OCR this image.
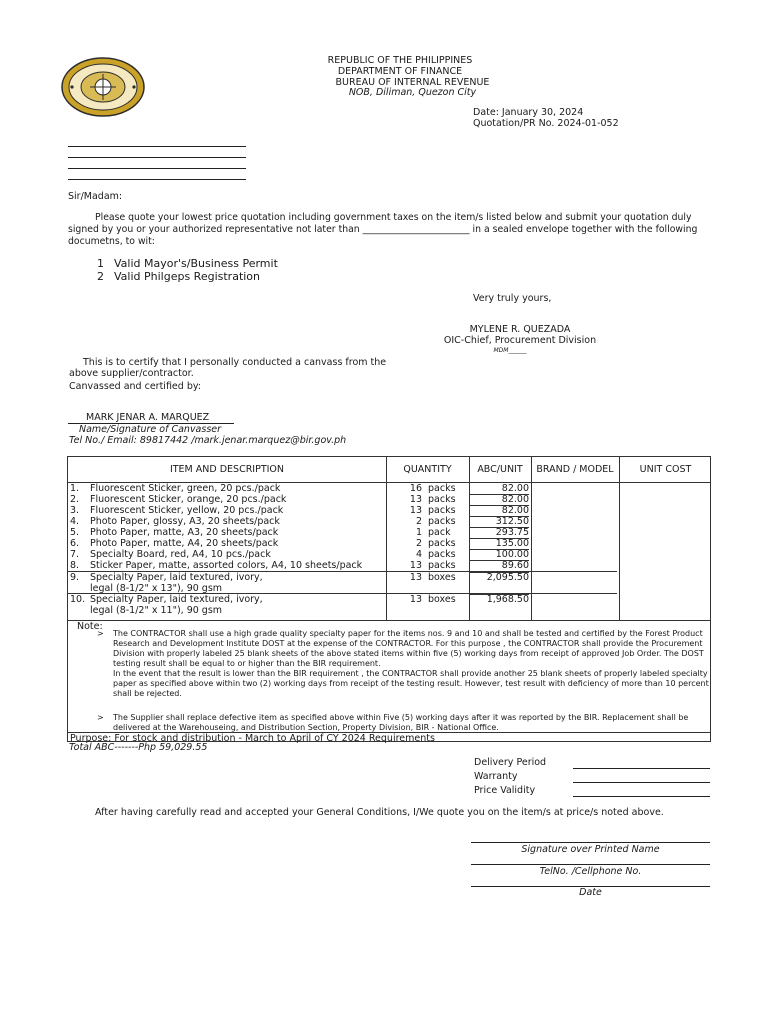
REPUBLIC OF THE PHILIPPINES
DEPARTMENT OF FINANCE
BUREAU OF INTERNAL REVENUE
NOB, Diliman, Quezon City
Date: January 30, 2024
Quotation/PR No. 2024-01-052
Sir/Madam:
Please quote your lowest price quotation including government taxes on the item/s listed below and submit your quotation duly
signed by you or your authorized representative not later than _______________________ in a sealed envelope together with the following
documetns, to wit:
1 Valid Mayor's/Business Permit
2 Valid Philgeps Registration
Very truly yours,
MYLENE R. QUEZADA
OIC-Chief, Procurement Division
MDM______
This is to certify that I personally conducted a canvass from the
above supplier/contractor.
Canvassed and certified by:
MARK JENAR A. MARQUEZ
Name/Signature of Canvasser
Tel No./ Email: 89817442 /mark.jenar.marquez@bir.gov.ph
ITEM AND DESCRIPTION	QUANTITY	ABC/UNIT	BRAND / MODEL	UNIT COST
1. Fluorescent Sticker, green, 20 pcs./pack	16 packs	82.00
2. Fluorescent Sticker, orange, 20 pcs./pack	13 packs	82.00
3. Fluorescent Sticker, yellow, 20 pcs./pack	13 packs	82.00
4. Photo Paper, glossy, A3, 20 sheets/pack	2 packs	312.50
5. Photo Paper, matte, A3, 20 sheets/pack	1 pack	293.75
6. Photo Paper, matte, A4, 20 sheets/pack	2 packs	135.00
7. Specialty Board, red, A4, 10 pcs./pack	4 packs	100.00
8. Sticker Paper, matte, assorted colors, A4, 10 sheets/pack	13 packs	89.60
9. Specialty Paper, laid textured, ivory,
legal (8-1/2" x 13"), 90 gsm
13 boxes	2,095.50
10. Specialty Paper, laid textured, ivory,
legal (8-1/2" x 11"), 90 gsm
13 boxes	1,968.50
Note:
> The CONTRACTOR shall use a high grade quality specialty paper for the items nos. 9 and 10 and shall be tested and certified by the Forest Product Research and Development Institute DOST at the expense of the CONTRACTOR. For this purpose , the CONTRACTOR shall provide the Procurement Division with properly labeled 25 blank sheets of the above stated items within five (5) working days from receipt of approved Job Order. The DOST testing result shall be equal to or higher than the BIR requirement.
In the event that the result is lower than the BIR requirement , the CONTRACTOR shall provide another 25 blank sheets of properly labeled specialty paper as specified above within two (2) working days from receipt of the testing result. However, test result with deficiency of more than 10 percent shall be rejected.
> The Supplier shall replace defective item as specified above within Five (5) working days after it was reported by the BIR. Replacement shall be delivered at the Warehouseing, and Distribution Section, Property Division, BIR - National Office.
Purpose: For stock and distribution - March to April of CY 2024 Requirements
Total ABC-------Php 59,029.55
Delivery Period
Warranty
Price Validity
After having carefully read and accepted your General Conditions, I/We quote you on the item/s at price/s noted above.
Signature over Printed Name
TelNo. /Cellphone No.
Date
